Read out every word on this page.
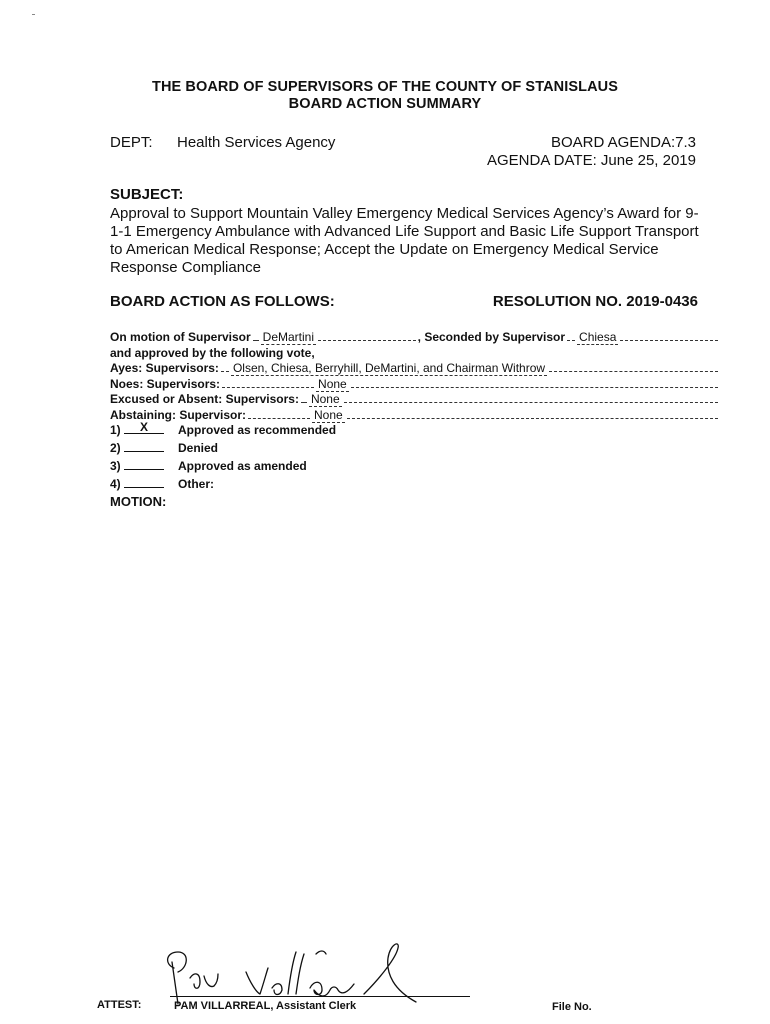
THE BOARD OF SUPERVISORS OF THE COUNTY OF STANISLAUS
BOARD ACTION SUMMARY
DEPT: Health Services Agency	BOARD AGENDA:7.3
AGENDA DATE: June 25, 2019
SUBJECT:
Approval to Support Mountain Valley Emergency Medical Services Agency’s Award for 9-1-1 Emergency Ambulance with Advanced Life Support and Basic Life Support Transport to American Medical Response; Accept the Update on Emergency Medical Service Response Compliance
BOARD ACTION AS FOLLOWS:	RESOLUTION NO. 2019-0436
On motion of Supervisor DeMartini	, Seconded by Supervisor Chiesa
and approved by the following vote,
Ayes: Supervisors: Olsen, Chiesa, Berryhill, DeMartini, and Chairman Withrow
Noes: Supervisors:	None
Excused or Absent: Supervisors: None
Abstaining: Supervisor:	None
1)	X	Approved as recommended
2)	Denied
3)	Approved as amended
4)	Other:
MOTION:
ATTEST:	PAM VILLARREAL, Assistant Clerk	File No.
